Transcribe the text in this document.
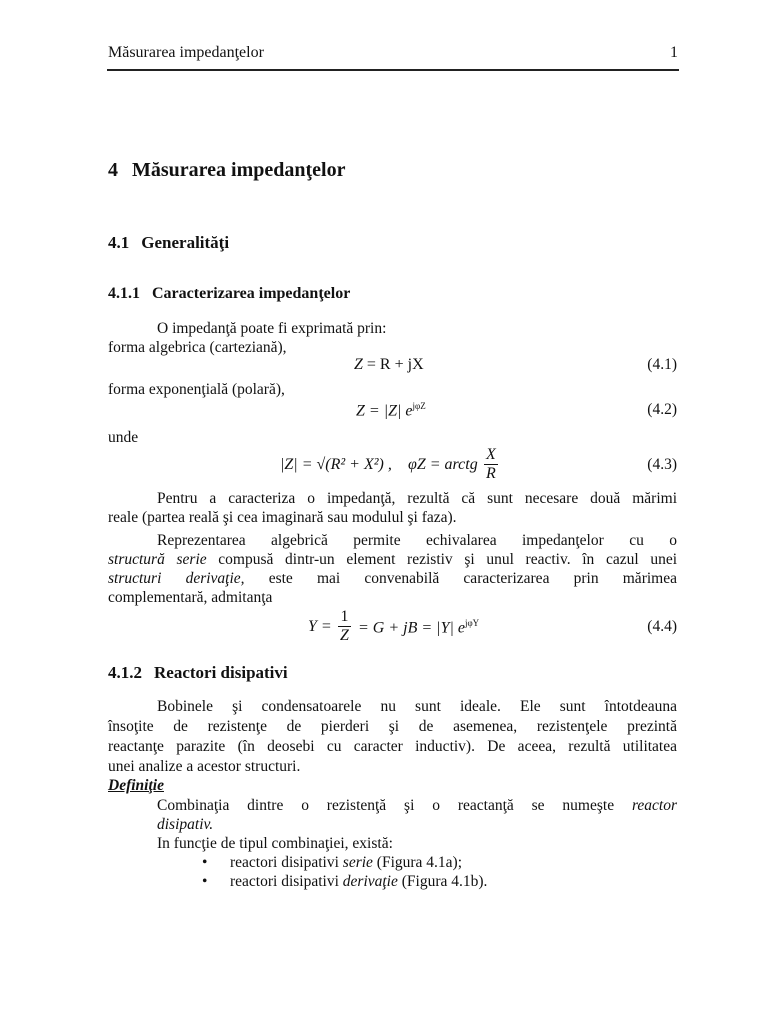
Măsurarea impedanţelor	1
4 Măsurarea impedanţelor
4.1 Generalităţi
4.1.1 Caracterizarea impedanţelor
O impedanţă poate fi exprimată prin:
forma algebrica (carteziană),
Z = R + jX	(4.1)
forma exponenţială (polară),
Z = |Z| $e^{j\varphi Z}$	(4.2)
unde
|Z| = √(R² + X²) , φZ = arctg $\frac{X}{R}$	(4.3)
Pentru a caracteriza o impedanţă, rezultă că sunt necesare două mărimi
reale (partea reală şi cea imaginară sau modulul şi faza).
Reprezentarea algebrică permite echivalarea impedanţelor cu o
structură serie compusă dintr-un element rezistiv şi unul reactiv. în cazul unei
structuri derivaţie, este mai convenabilă caracterizarea prin mărimea
complementară, admitanţa
$Y = \frac{1}{Z} = G$ + jB = |Y| $e^{j\varphi Y}$	(4.4)
4.1.2 Reactori disipativi
Bobinele şi condensatoarele nu sunt ideale. Ele sunt întotdeauna
însoţite de rezistenţe de pierderi şi de asemenea, rezistenţele prezintă
reactanţe parazite (în deosebi cu caracter inductiv). De aceea, rezultă utilitatea
unei analize a acestor structuri.
Definiţie
Combinaţia dintre o rezistenţă şi o reactanţă se numeşte reactor
disipativ.
In funcţie de tipul combinaţiei, există:
• reactori disipativi serie (Figura 4.1a);
• reactori disipativi derivaţie (Figura 4.1b).
